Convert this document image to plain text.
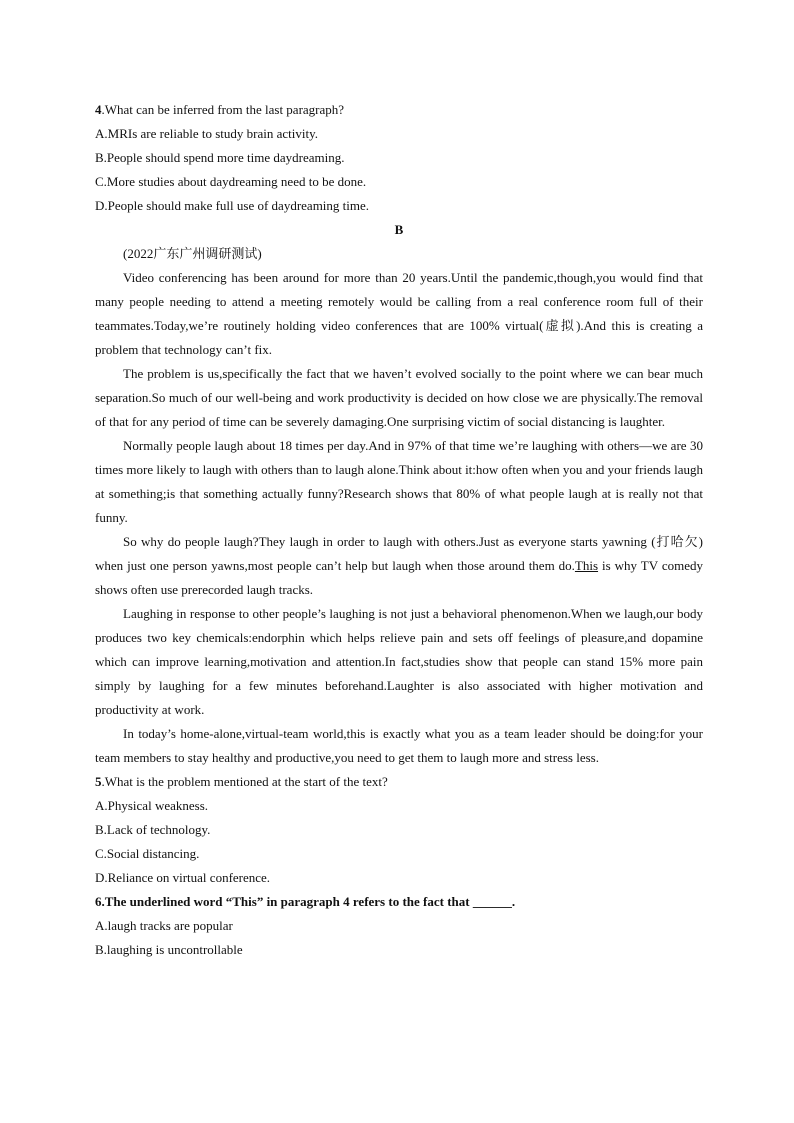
4.What can be inferred from the last paragraph?

A.MRIs are reliable to study brain activity.

B.People should spend more time daydreaming.

C.More studies about daydreaming need to be done.

D.People should make full use of daydreaming time.

B

(2022广东广州调研测试)

Video conferencing has been around for more than 20 years.Until the pandemic,though,you would find that many people needing to attend a meeting remotely would be calling from a real conference room full of their teammates.Today,we’re routinely holding video conferences that are 100% virtual(虚拟).And this is creating a problem that technology can’t fix.

The problem is us,specifically the fact that we haven’t evolved socially to the point where we can bear much separation.So much of our well-being and work productivity is decided on how close we are physically.The removal of that for any period of time can be severely damaging.One surprising victim of social distancing is laughter.

Normally people laugh about 18 times per day.And in 97% of that time we’re laughing with others—we are 30 times more likely to laugh with others than to laugh alone.Think about it:how often when you and your friends laugh at something;is that something actually funny?Research shows that 80% of what people laugh at is really not that funny.

So why do people laugh?They laugh in order to laugh with others.Just as everyone starts yawning (打哈欠) when just one person yawns,most people can’t help but laugh when those around them do.This is why TV comedy shows often use prerecorded laugh tracks.

Laughing in response to other people’s laughing is not just a behavioral phenomenon.When we laugh,our body produces two key chemicals:endorphin which helps relieve pain and sets off feelings of pleasure,and dopamine which can improve learning,motivation and attention.In fact,studies show that people can stand 15% more pain simply by laughing for a few minutes beforehand.Laughter is also associated with higher motivation and productivity at work.

In today’s home-alone,virtual-team world,this is exactly what you as a team leader should be doing:for your team members to stay healthy and productive,you need to get them to laugh more and stress less.

5.What is the problem mentioned at the start of the text?

A.Physical weakness.

B.Lack of technology.

C.Social distancing.

D.Reliance on virtual conference.

6.The underlined word “This” in paragraph 4 refers to the fact that ______.

A.laugh tracks are popular

B.laughing is uncontrollable
